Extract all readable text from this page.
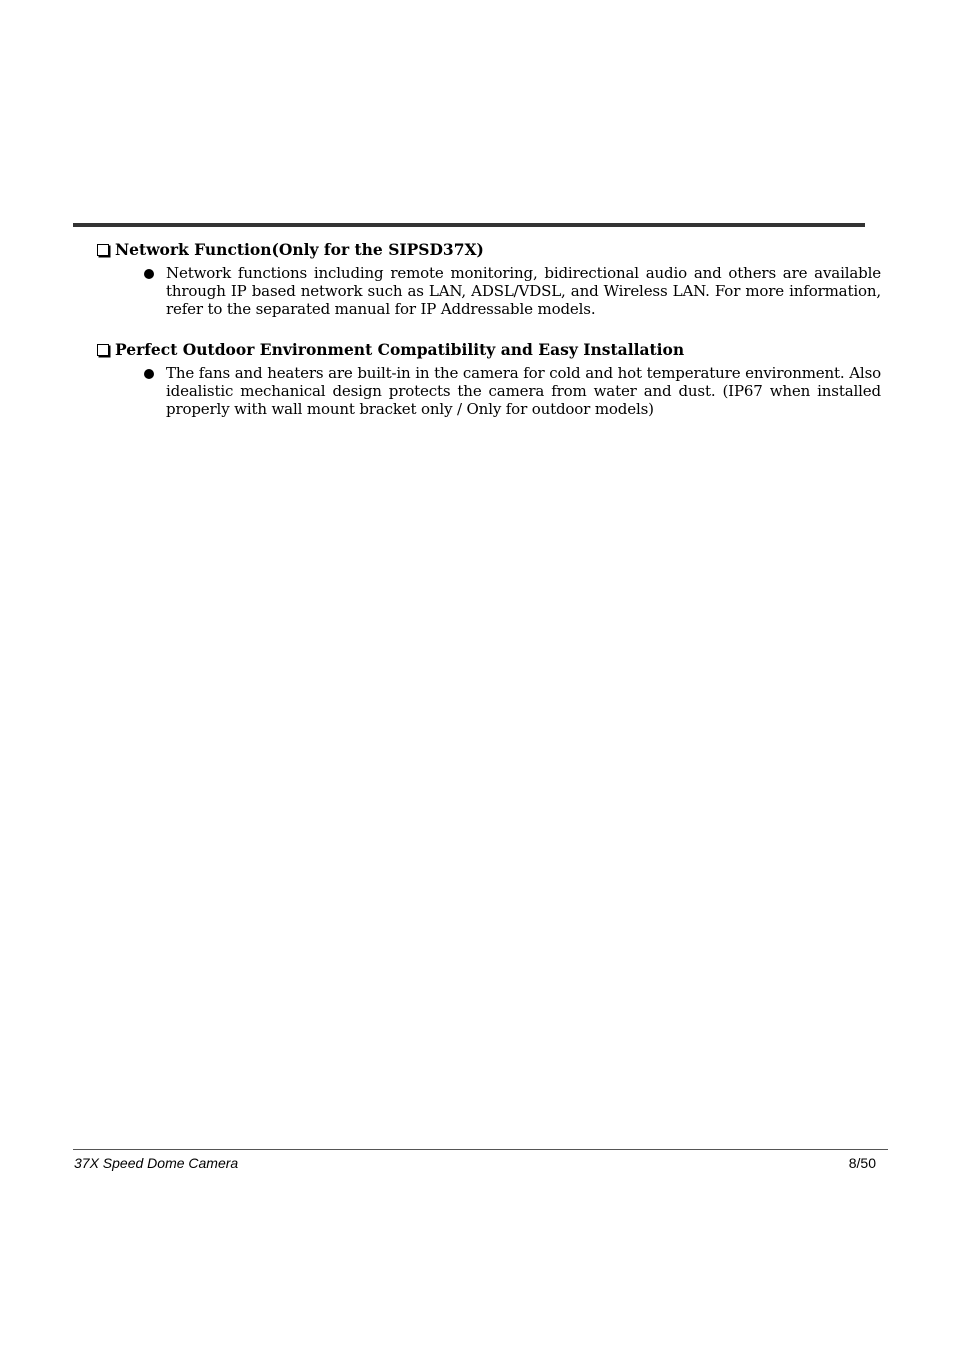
Network Function(Only for the SIPSD37X)

Network functions including remote monitoring, bidirectional audio and others are available through IP based network such as LAN, ADSL/VDSL, and Wireless LAN. For more information, refer to the separated manual for IP Addressable models.

Perfect Outdoor Environment Compatibility and Easy Installation

The fans and heaters are built-in in the camera for cold and hot temperature environment. Also idealistic mechanical design protects the camera from water and dust. (IP67 when installed properly with wall mount bracket only / Only for outdoor models)

37X Speed Dome Camera	8/50
